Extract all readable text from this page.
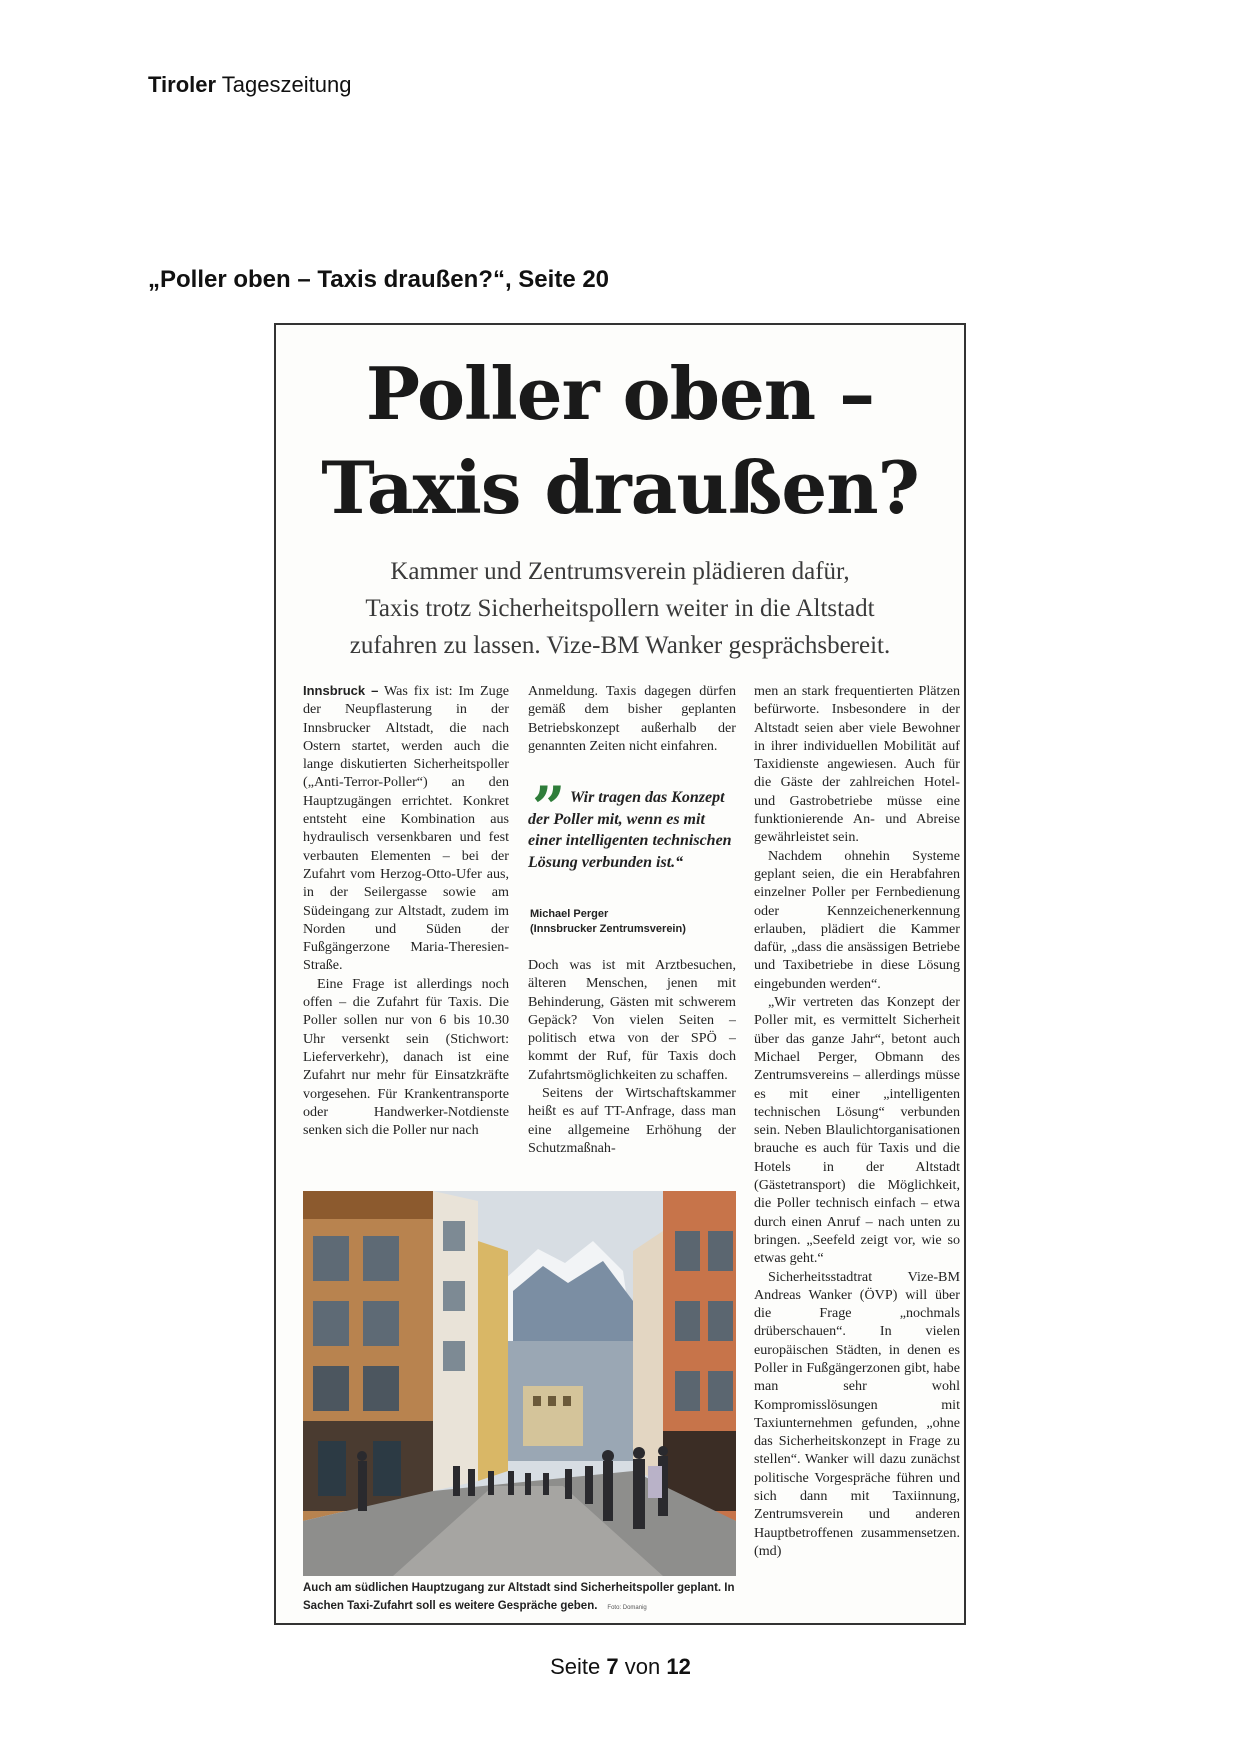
Tiroler Tageszeitung
„Poller oben – Taxis draußen?“, Seite 20
Poller oben –
Taxis draußen?
Kammer und Zentrumsverein plädieren dafür,
Taxis trotz Sicherheitspollern weiter in die Altstadt
zufahren zu lassen. Vize-BM Wanker gesprächsbereit.

Innsbruck – Was fix ist: Im Zuge der Neupflasterung in der Innsbrucker Altstadt, die nach Ostern startet, werden auch die lange diskutierten Sicherheitspoller („Anti-Terror-Poller“) an den Hauptzugängen errichtet. Konkret entsteht eine Kombination aus hydraulisch versenkbaren und fest verbauten Elementen – bei der Zufahrt vom Herzog-Otto-Ufer aus, in der Seilergasse sowie am Südeingang zur Altstadt, zudem im Norden und Süden der Fußgängerzone Maria-Theresien-Straße.

Eine Frage ist allerdings noch offen – die Zufahrt für Taxis. Die Poller sollen nur von 6 bis 10.30 Uhr versenkt sein (Stichwort: Lieferverkehr), danach ist eine Zufahrt nur mehr für Einsatzkräfte vorgesehen. Für Krankentransporte oder Handwerker-Notdienste senken sich die Poller nur nach

Anmeldung. Taxis dagegen dürfen gemäß dem bisher geplanten Betriebskonzept außerhalb der genannten Zeiten nicht einfahren.

” Wir tragen das Konzept der Poller mit, wenn es mit einer intelligenten technischen Lösung verbunden ist.“
Michael Perger
(Innsbrucker Zentrumsverein)

Doch was ist mit Arztbesuchen, älteren Menschen, jenen mit Behinderung, Gästen mit schwerem Gepäck? Von vielen Seiten – politisch etwa von der SPÖ – kommt der Ruf, für Taxis doch Zufahrtsmöglichkeiten zu schaffen.

Seitens der Wirtschaftskammer heißt es auf TT-Anfrage, dass man eine allgemeine Erhöhung der Schutzmaßnah-

men an stark frequentierten Plätzen befürworte. Insbesondere in der Altstadt seien aber viele Bewohner in ihrer individuellen Mobilität auf Taxidienste angewiesen. Auch für die Gäste der zahlreichen Hotel- und Gastrobetriebe müsse eine funktionierende An- und Abreise gewährleistet sein.

Nachdem ohnehin Systeme geplant seien, die ein Herabfahren einzelner Poller per Fernbedienung oder Kennzeichenerkennung erlauben, plädiert die Kammer dafür, „dass die ansässigen Betriebe und Taxibetriebe in diese Lösung eingebunden werden“.

„Wir vertreten das Konzept der Poller mit, es vermittelt Sicherheit über das ganze Jahr“, betont auch Michael Perger, Obmann des Zentrumsvereins – allerdings müsse es mit einer „intelligenten technischen Lösung“ verbunden sein. Neben Blaulichtorganisationen brauche es auch für Taxis und die Hotels in der Altstadt (Gästetransport) die Möglichkeit, die Poller technisch einfach – etwa durch einen Anruf – nach unten zu bringen. „Seefeld zeigt vor, wie so etwas geht.“

Sicherheitsstadtrat Vize-BM Andreas Wanker (ÖVP) will über die Frage „nochmals drüberschauen“. In vielen europäischen Städten, in denen es Poller in Fußgängerzonen gibt, habe man sehr wohl Kompromisslösungen mit Taxiunternehmen gefunden, „ohne das Sicherheitskonzept in Frage zu stellen“. Wanker will dazu zunächst politische Vorgespräche führen und sich dann mit Taxiinnung, Zentrumsverein und anderen Hauptbetroffenen zusammensetzen. (md)

Auch am südlichen Hauptzugang zur Altstadt sind Sicherheitspoller geplant. In Sachen Taxi-Zufahrt soll es weitere Gespräche geben. Foto: Domanig
Seite 7 von 12
